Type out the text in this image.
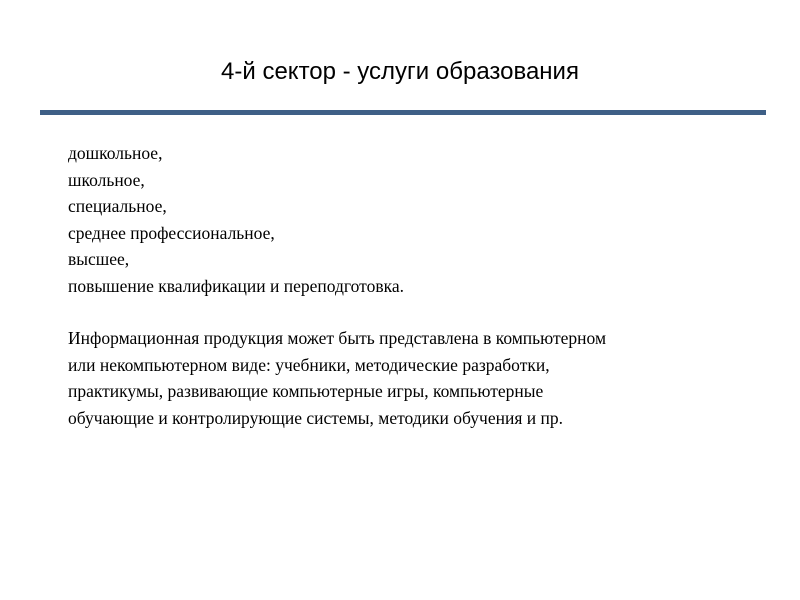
4-й сектор - услуги образования
дошкольное,
школьное,
специальное,
среднее профессиональное,
высшее,
повышение квалификации и переподготовка.
Информационная продукция может быть представлена в компьютерном
или некомпьютерном виде: учебники, методические разработки,
практикумы, развивающие компьютерные игры, компьютерные
обучающие и контролирующие системы, методики обучения и пр.
